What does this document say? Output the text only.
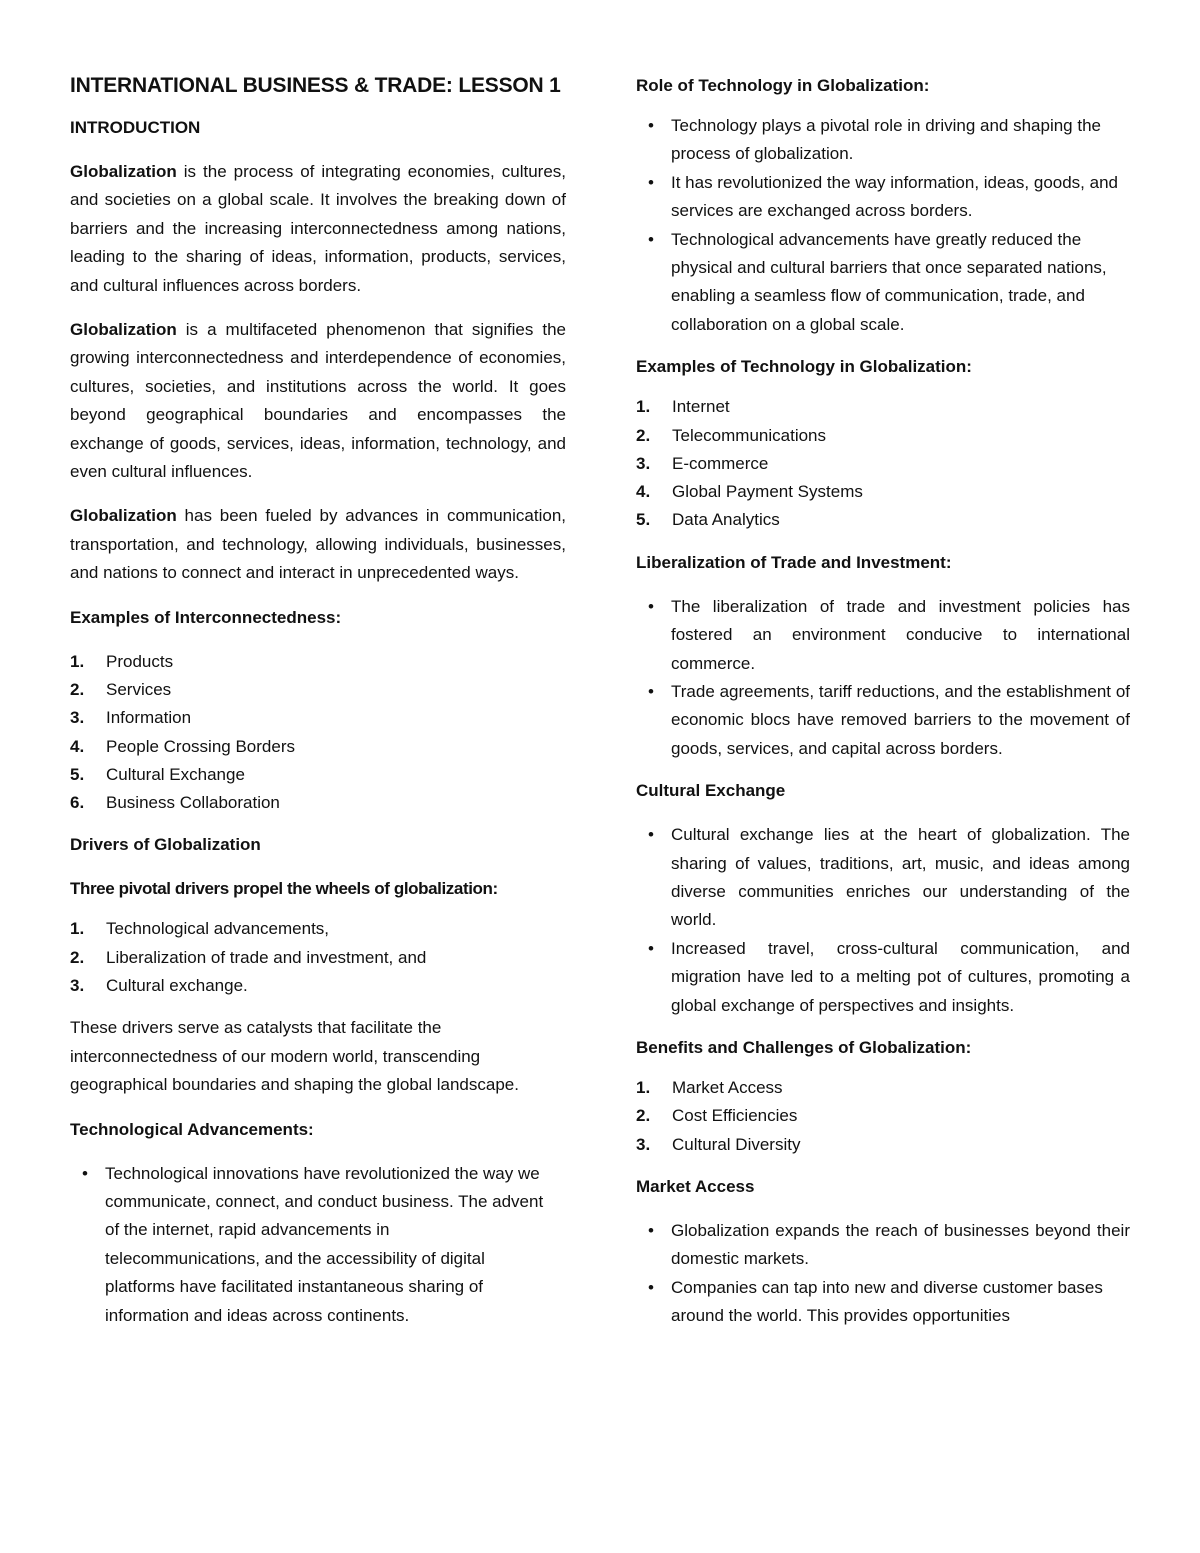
INTERNATIONAL BUSINESS & TRADE: LESSON 1
INTRODUCTION

Globalization is the process of integrating economies, cultures, and societies on a global scale. It involves the breaking down of barriers and the increasing interconnectedness among nations, leading to the sharing of ideas, information, products, services, and cultural influences across borders.

Globalization is a multifaceted phenomenon that signifies the growing interconnectedness and interdependence of economies, cultures, societies, and institutions across the world. It goes beyond geographical boundaries and encompasses the exchange of goods, services, ideas, information, technology, and even cultural influences.

Globalization has been fueled by advances in communication, transportation, and technology, allowing individuals, businesses, and nations to connect and interact in unprecedented ways.

Examples of Interconnectedness:
1.	Products
2.	Services
3.	Information
4.	People Crossing Borders
5.	Cultural Exchange
6.	Business Collaboration
Drivers of Globalization
Three pivotal drivers propel the wheels of globalization:
1.	Technological advancements,
2.	Liberalization of trade and investment, and
3.	Cultural exchange.

These drivers serve as catalysts that facilitate the interconnectedness of our modern world, transcending geographical boundaries and shaping the global landscape.

Technological Advancements:
•	Technological innovations have revolutionized the way we communicate, connect, and conduct business. The advent of the internet, rapid advancements in telecommunications, and the accessibility of digital platforms have facilitated instantaneous sharing of information and ideas across continents.
Role of Technology in Globalization:
•	Technology plays a pivotal role in driving and shaping the process of globalization.
•	It has revolutionized the way information, ideas, goods, and services are exchanged across borders.
•	Technological advancements have greatly reduced the physical and cultural barriers that once separated nations, enabling a seamless flow of communication, trade, and collaboration on a global scale.
Examples of Technology in Globalization:
1.	Internet
2.	Telecommunications
3.	E-commerce
4.	Global Payment Systems
5.	Data Analytics
Liberalization of Trade and Investment:
•	The liberalization of trade and investment policies has fostered an environment conducive to international commerce.
•	Trade agreements, tariff reductions, and the establishment of economic blocs have removed barriers to the movement of goods, services, and capital across borders.
Cultural Exchange
•	Cultural exchange lies at the heart of globalization. The sharing of values, traditions, art, music, and ideas among diverse communities enriches our understanding of the world.
•	Increased travel, cross-cultural communication, and migration have led to a melting pot of cultures, promoting a global exchange of perspectives and insights.
Benefits and Challenges of Globalization:
1.	Market Access
2.	Cost Efficiencies
3.	Cultural Diversity
Market Access
•	Globalization expands the reach of businesses beyond their domestic markets.
•	Companies can tap into new and diverse customer bases around the world. This provides opportunities
